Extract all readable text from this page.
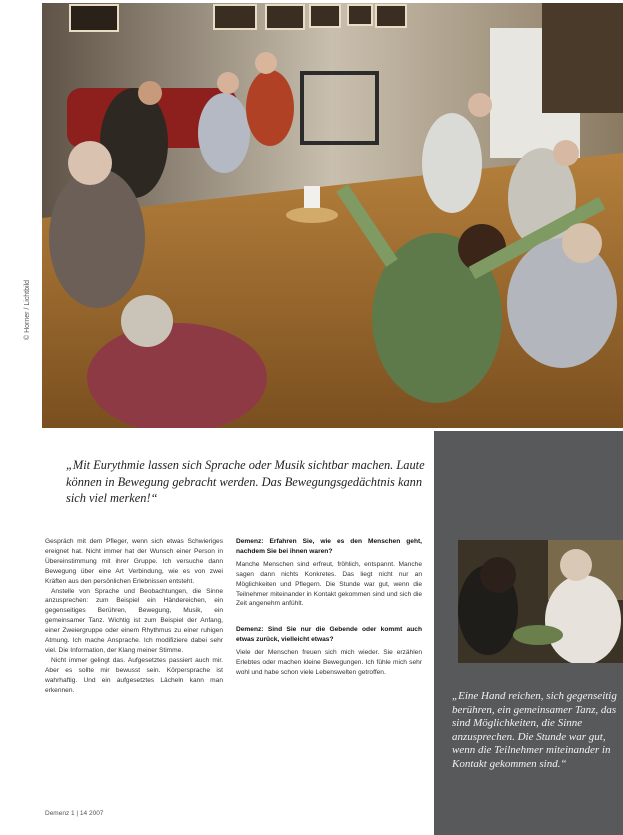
© Horner / Lichtbild
„Mit Eurythmie lassen sich Sprache oder Musik sichtbar machen. Laute können in Bewegung gebracht werden. Das Bewegungsgedächtnis kann sich viel merken!“

Gespräch mit dem Pfleger, wenn sich etwas Schwieriges ereignet hat. Nicht immer hat der Wunsch einer Person in Übereinstimmung mit ihrer Gruppe. Ich versuche dann Bewegung über eine Art Verbindung, wie es von zwei Kräften aus den persönlichen Erlebnissen entsteht.

Anstelle von Sprache und Beobachtungen, die Sinne anzusprechen: zum Beispiel ein Händereichen, ein gegenseitiges Berühren, Bewegung, Musik, ein gemeinsamer Tanz. Wichtig ist zum Beispiel der Anfang, einer Zweiergruppe oder einem Rhythmus zu einer ruhigen Atmung. Ich mache Ansprache. Ich modifiziere dabei sehr viel. Die Information, der Klang meiner Stimme.

Nicht immer gelingt das. Aufgesetztes passiert auch mir. Aber es sollte mir bewusst sein. Körpersprache ist wahrhaftig. Und ein aufgesetztes Lächeln kann man erkennen.

Demenz: Erfahren Sie, wie es den Menschen geht, nachdem Sie bei ihnen waren?

Manche Menschen sind erfreut, fröhlich, entspannt. Manche sagen dann nichts Konkretes. Das liegt nicht nur an Möglichkeiten und Pflegern. Die Stunde war gut, wenn die Teilnehmer miteinander in Kontakt gekommen sind und sich die Zeit angenehm anfühlt.

Demenz: Sind Sie nur die Gebende oder kommt auch etwas zurück, vielleicht etwas?

Viele der Menschen freuen sich mich wieder. Sie erzählen Erlebtes oder machen kleine Bewegungen. Ich fühle mich sehr wohl und habe schon viele Lebenswelten getroffen.

Demenz 1 | 14 2007
„Eine Hand reichen, sich gegenseitig berühren, ein gemeinsamer Tanz, das sind Möglichkeiten, die Sinne anzusprechen. Die Stunde war gut, wenn die Teilnehmer miteinander in Kontakt gekommen sind.“
